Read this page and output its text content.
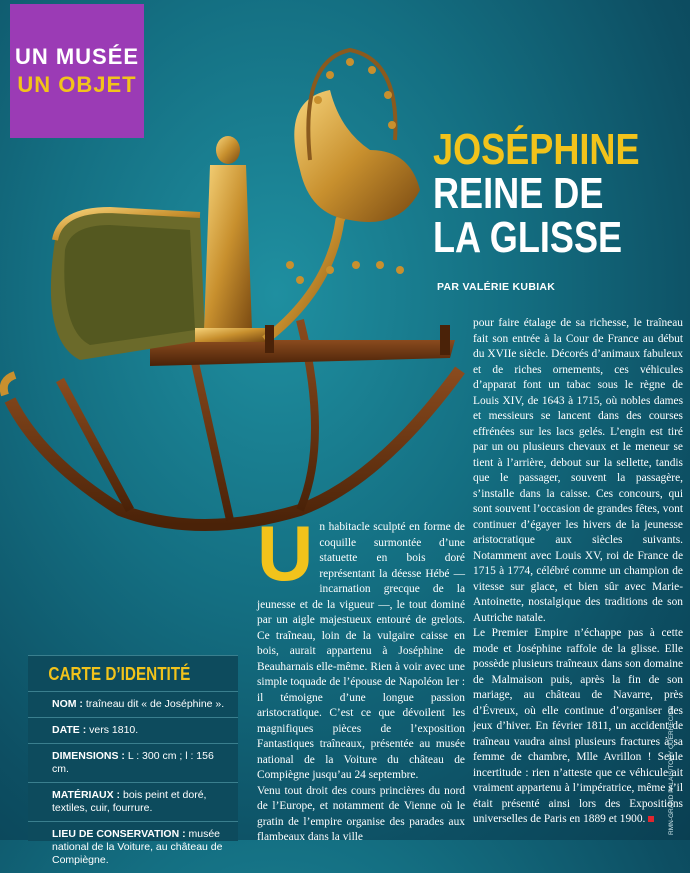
UN MUSÉE
UN OBJET
JOSÉPHINE
REINE DE
LA GLISSE
PAR VALÉRIE KUBIAK
U n habitacle sculpté en forme de coquille surmontée d’une statuette en bois doré représentant la déesse Hébé — incarnation grecque de la jeunesse et de la vigueur —, le tout dominé par un aigle majestueux entouré de grelots. Ce traîneau, loin de la vulgaire caisse en bois, aurait appartenu à Joséphine de Beauharnais elle-même. Rien à voir avec une simple toquade de l’épouse de Napoléon Ier : il témoigne d’une longue passion aristocratique. C’est ce que dévoilent les magnifiques pièces de l’exposition Fantastiques traîneaux, présentée au musée national de la Voiture du château de Compiègne jusqu’au 24 septembre.

Venu tout droit des cours princières du nord de l’Europe, et notamment de Vienne où le gratin de l’empire organise des parades aux flambeaux dans la ville

pour faire étalage de sa richesse, le traîneau fait son entrée à la Cour de France au début du XVIIe siècle. Décorés d’animaux fabuleux et de riches ornements, ces véhicules d’apparat font un tabac sous le règne de Louis XIV, de 1643 à 1715, où nobles dames et messieurs se lancent dans des courses effrénées sur les lacs gelés. L’engin est tiré par un ou plusieurs chevaux et le meneur se tient à l’arrière, debout sur la sellette, tandis que le passager, souvent la passagère, s’installe dans la caisse. Ces concours, qui sont souvent l’occasion de grandes fêtes, vont continuer d’égayer les hivers de la jeunesse aristocratique aux siècles suivants. Notamment avec Louis XV, roi de France de 1715 à 1774, célébré comme un champion de vitesse sur glace, et bien sûr avec Marie-Antoinette, nostalgique des traditions de son Autriche natale.

Le Premier Empire n’échappe pas à cette mode et Joséphine raffole de la glisse. Elle possède plusieurs traîneaux dans son domaine de Malmaison puis, après la fin de son mariage, au château de Navarre, près d’Évreux, où elle continue d’organiser des jeux d’hiver. En février 1811, un accident de traîneau vaudra ainsi plusieurs fractures à sa femme de chambre, Mlle Avrillon ! Seule incertitude : rien n’atteste que ce véhicule ait vraiment appartenu à l’impératrice, même s’il était présenté ainsi lors des Expositions universelles de Paris en 1889 et 1900.

CARTE D’IDENTITÉ
NOM : traîneau dit « de Joséphine ».
DATE : vers 1810.
DIMENSIONS : L : 300 cm ; l : 156 cm.
MATÉRIAUX : bois peint et doré, textiles, cuir, fourrure.
LIEU DE CONSERVATION : musée national de la Voiture, au château de Compiègne.
RMN-GRAND PALAIS/TONY QUERREC/SP
